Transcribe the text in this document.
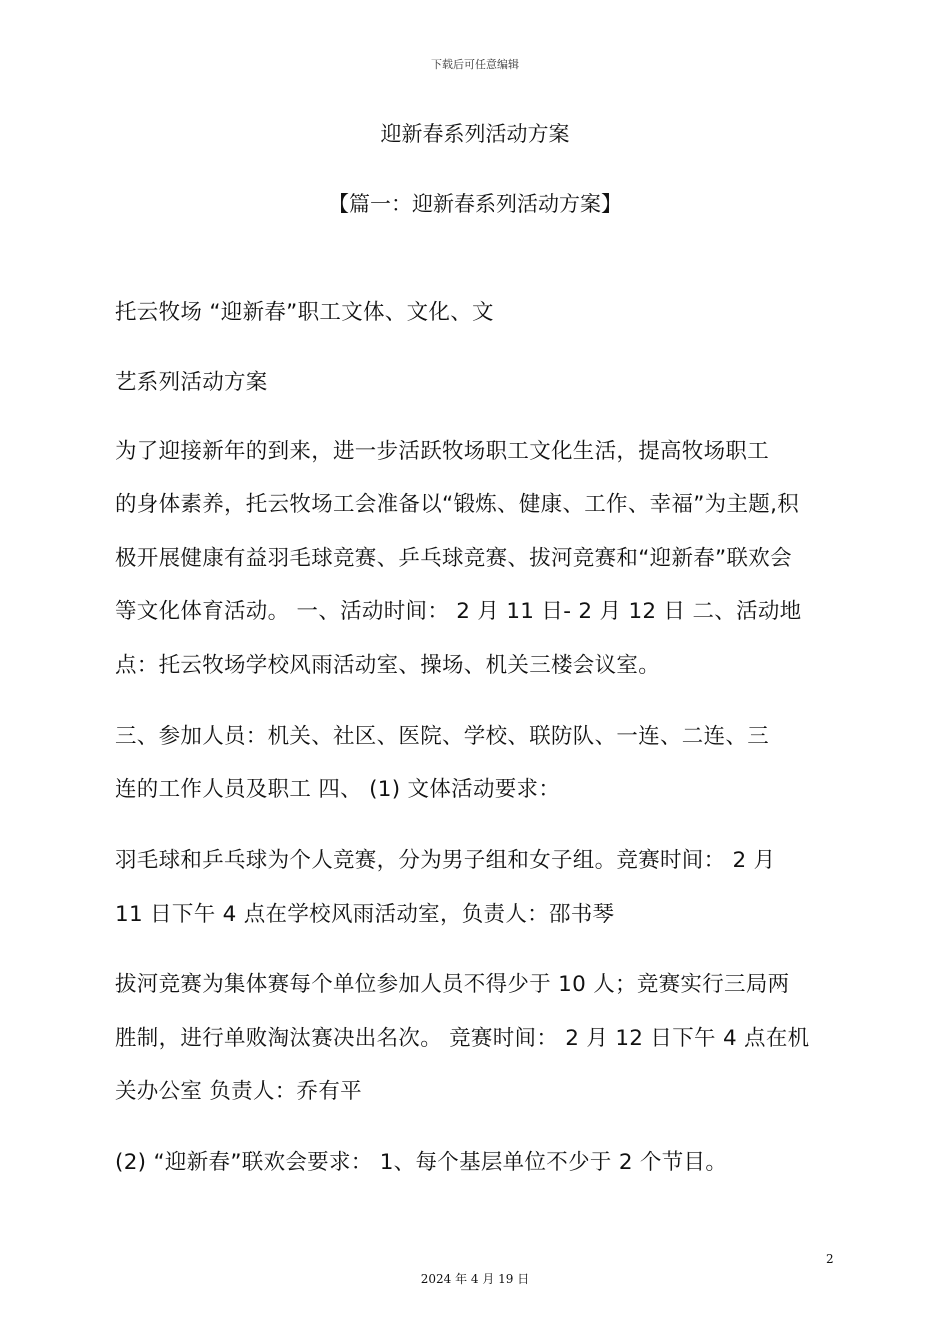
下载后可任意编辑
迎新春系列活动方案
【篇一：迎新春系列活动方案】
托云牧场 “迎新春”职工文体、文化、文
艺系列活动方案
为了迎接新年的到来，进一步活跃牧场职工文化生活，提高牧场职工
的身体素养，托云牧场工会准备以“锻炼、健康、工作、幸福”为主题,积
极开展健康有益羽毛球竞赛、乒乓球竞赛、拔河竞赛和“迎新春”联欢会
等文化体育活动。 一、活动时间： 2 月 11 日- 2 月 12 日 二、活动地
点：托云牧场学校风雨活动室、操场、机关三楼会议室。
三、参加人员：机关、社区、医院、学校、联防队、一连、二连、三
连的工作人员及职工 四、 (1) 文体活动要求：
羽毛球和乒乓球为个人竞赛，分为男子组和女子组。竞赛时间： 2 月
11 日下午 4 点在学校风雨活动室，负责人：邵书琴
拔河竞赛为集体赛每个单位参加人员不得少于 10 人；竞赛实行三局两
胜制，进行单败淘汰赛决出名次。 竞赛时间： 2 月 12 日下午 4 点在机
关办公室 负责人：乔有平
(2) “迎新春”联欢会要求： 1、每个基层单位不少于 2 个节目。
2
2024 年 4 月 19 日
